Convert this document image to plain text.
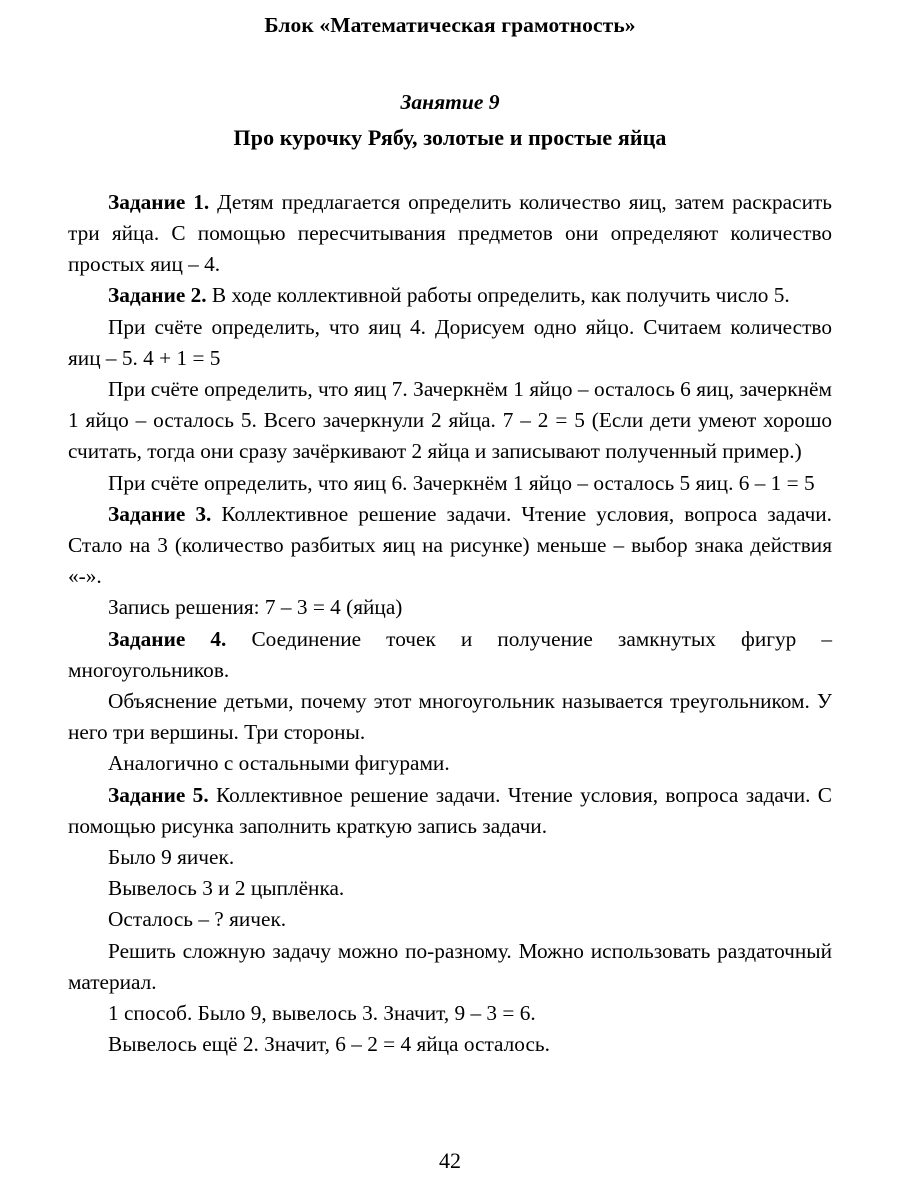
Блок «Математическая грамотность»
Занятие 9
Про курочку Рябу, золотые и простые яйца

Задание 1. Детям предлагается определить количество яиц, затем раскрасить три яйца. С помощью пересчитывания предметов они определяют количество простых яиц – 4.

Задание 2. В ходе коллективной работы определить, как получить число 5.

При счёте определить, что яиц 4. Дорисуем одно яйцо. Считаем количество яиц – 5. 4 + 1 = 5

При счёте определить, что яиц 7. Зачеркнём 1 яйцо – осталось 6 яиц, зачеркнём 1 яйцо – осталось 5. Всего зачеркнули 2 яйца. 7 – 2 = 5 (Если дети умеют хорошо считать, тогда они сразу зачёркивают 2 яйца и записывают полученный пример.)

При счёте определить, что яиц 6. Зачеркнём 1 яйцо – осталось 5 яиц. 6 – 1 = 5

Задание 3. Коллективное решение задачи. Чтение условия, вопроса задачи. Стало на 3 (количество разбитых яиц на рисунке) меньше – выбор знака действия «-».

Запись решения: 7 – 3 = 4 (яйца)

Задание 4. Соединение точек и получение замкнутых фигур – многоугольников.

Объяснение детьми, почему этот многоугольник называется треугольником. У него три вершины. Три стороны.

Аналогично с остальными фигурами.

Задание 5. Коллективное решение задачи. Чтение условия, вопроса задачи. С помощью рисунка заполнить краткую запись задачи.

Было 9 яичек.

Вывелось 3 и 2 цыплёнка.

Осталось – ? яичек.

Решить сложную задачу можно по-разному. Можно использовать раздаточный материал.

1 способ. Было 9, вывелось 3. Значит, 9 – 3 = 6.

Вывелось ещё 2. Значит, 6 – 2 = 4 яйца осталось.

42
